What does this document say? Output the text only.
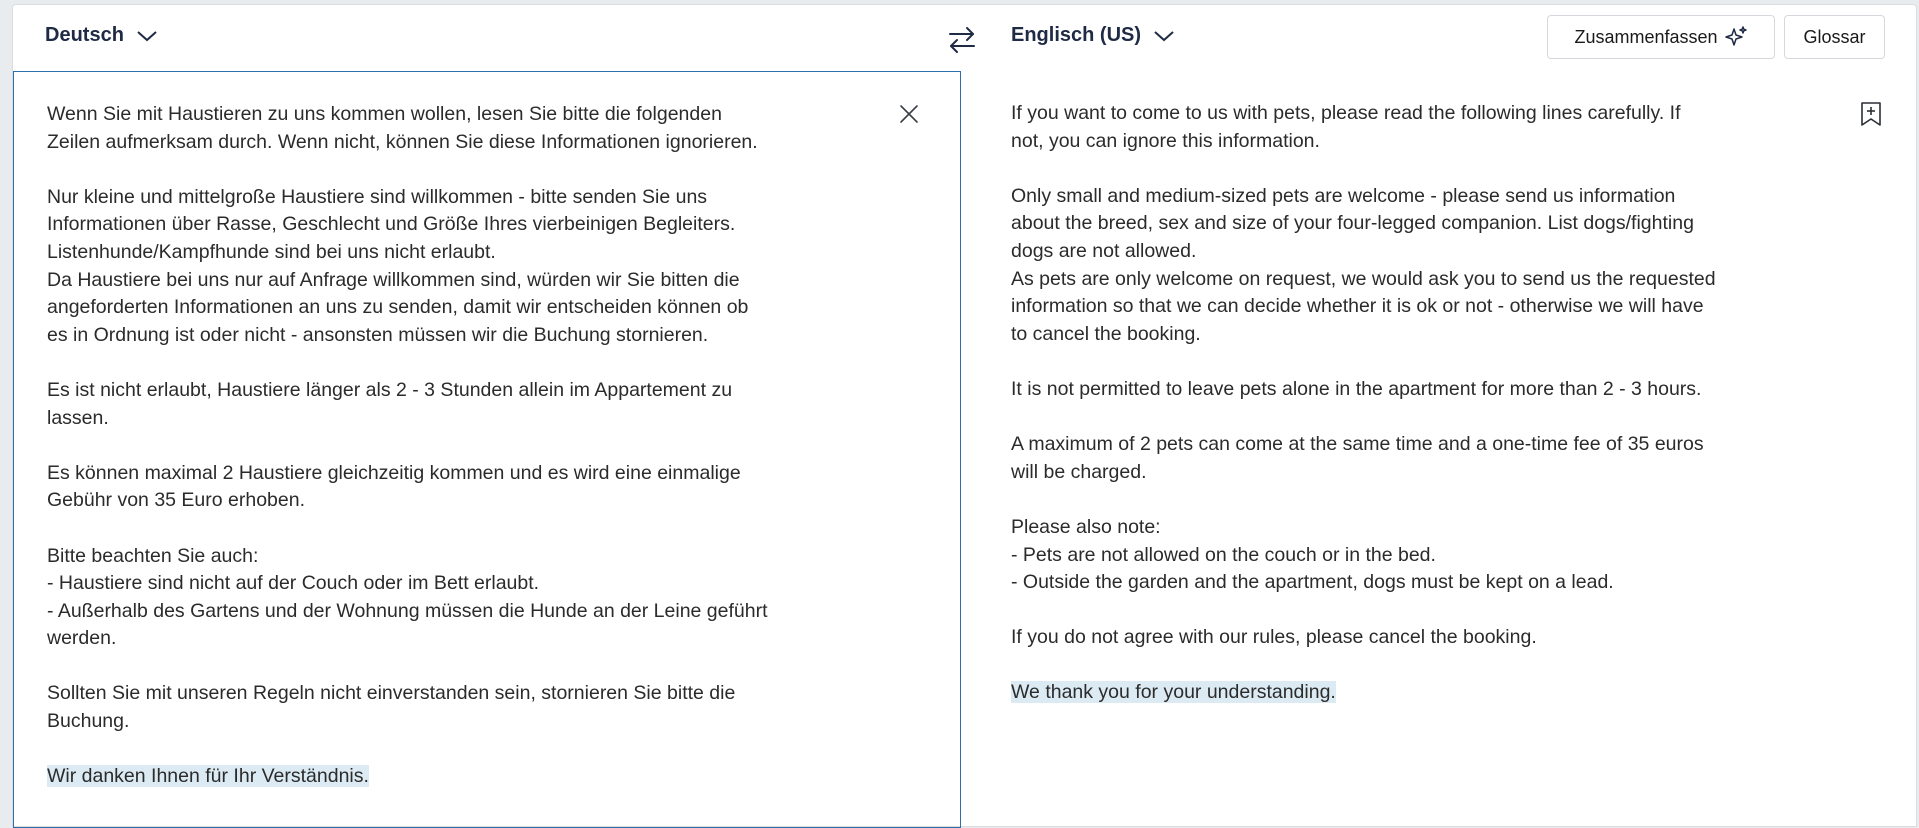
Deutsch	Englisch (US)	Zusammenfassen	Glossar

Wenn Sie mit Haustieren zu uns kommen wollen, lesen Sie bitte die folgenden
Zeilen aufmerksam durch. Wenn nicht, können Sie diese Informationen ignorieren.

Nur kleine und mittelgroße Haustiere sind willkommen - bitte senden Sie uns
Informationen über Rasse, Geschlecht und Größe Ihres vierbeinigen Begleiters.
Listenhunde/Kampfhunde sind bei uns nicht erlaubt.
Da Haustiere bei uns nur auf Anfrage willkommen sind, würden wir Sie bitten die
angeforderten Informationen an uns zu senden, damit wir entscheiden können ob
es in Ordnung ist oder nicht - ansonsten müssen wir die Buchung stornieren.

Es ist nicht erlaubt, Haustiere länger als 2 - 3 Stunden allein im Appartement zu
lassen.

Es können maximal 2 Haustiere gleichzeitig kommen und es wird eine einmalige
Gebühr von 35 Euro erhoben.

Bitte beachten Sie auch:
- Haustiere sind nicht auf der Couch oder im Bett erlaubt.
- Außerhalb des Gartens und der Wohnung müssen die Hunde an der Leine geführt
werden.

Sollten Sie mit unseren Regeln nicht einverstanden sein, stornieren Sie bitte die
Buchung.

Wir danken Ihnen für Ihr Verständnis.

If you want to come to us with pets, please read the following lines carefully. If
not, you can ignore this information.

Only small and medium-sized pets are welcome - please send us information
about the breed, sex and size of your four-legged companion. List dogs/fighting
dogs are not allowed.
As pets are only welcome on request, we would ask you to send us the requested
information so that we can decide whether it is ok or not - otherwise we will have
to cancel the booking.

It is not permitted to leave pets alone in the apartment for more than 2 - 3 hours.

A maximum of 2 pets can come at the same time and a one-time fee of 35 euros
will be charged.

Please also note:
- Pets are not allowed on the couch or in the bed.
- Outside the garden and the apartment, dogs must be kept on a lead.

If you do not agree with our rules, please cancel the booking.

We thank you for your understanding.
